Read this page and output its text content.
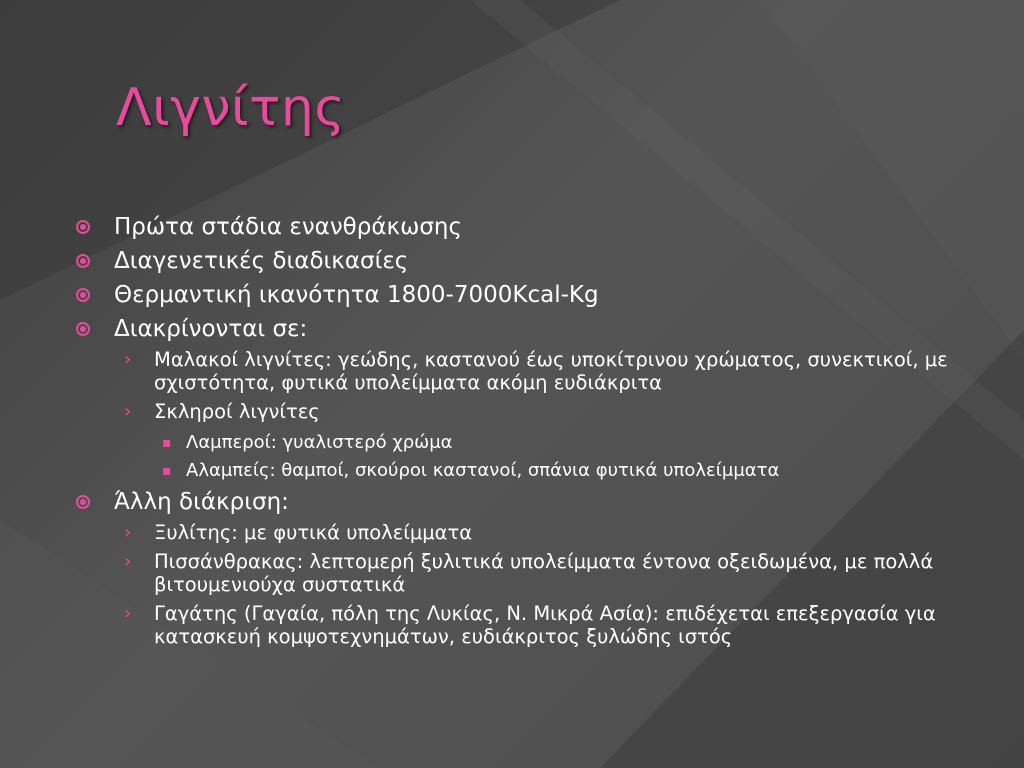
Λιγνίτης
Πρώτα στάδια ενανθράκωσης
Διαγενετικές διαδικασίες
Θερμαντική ικανότητα 1800-7000Kcal-Kg
Διακρίνονται σε:
› Μαλακοί λιγνίτες: γεώδης, καστανού έως υποκίτρινου χρώματος, συνεκτικοί, με σχιστότητα, φυτικά υπολείμματα ακόμη ευδιάκριτα
› Σκληροί λιγνίτες
▪ Λαμπεροί: γυαλιστερό χρώμα
▪ Αλαμπείς: θαμποί, σκούροι καστανοί, σπάνια φυτικά υπολείμματα
Άλλη διάκριση:
› Ξυλίτης: με φυτικά υπολείμματα
› Πισσάνθρακας: λεπτομερή ξυλιτικά υπολείμματα έντονα οξειδωμένα, με πολλά βιτουμενιούχα συστατικά
› Γαγάτης (Γαγαία, πόλη της Λυκίας, Ν. Μικρά Ασία): επιδέχεται επεξεργασία για κατασκευή κομψοτεχνημάτων, ευδιάκριτος ξυλώδης ιστός
